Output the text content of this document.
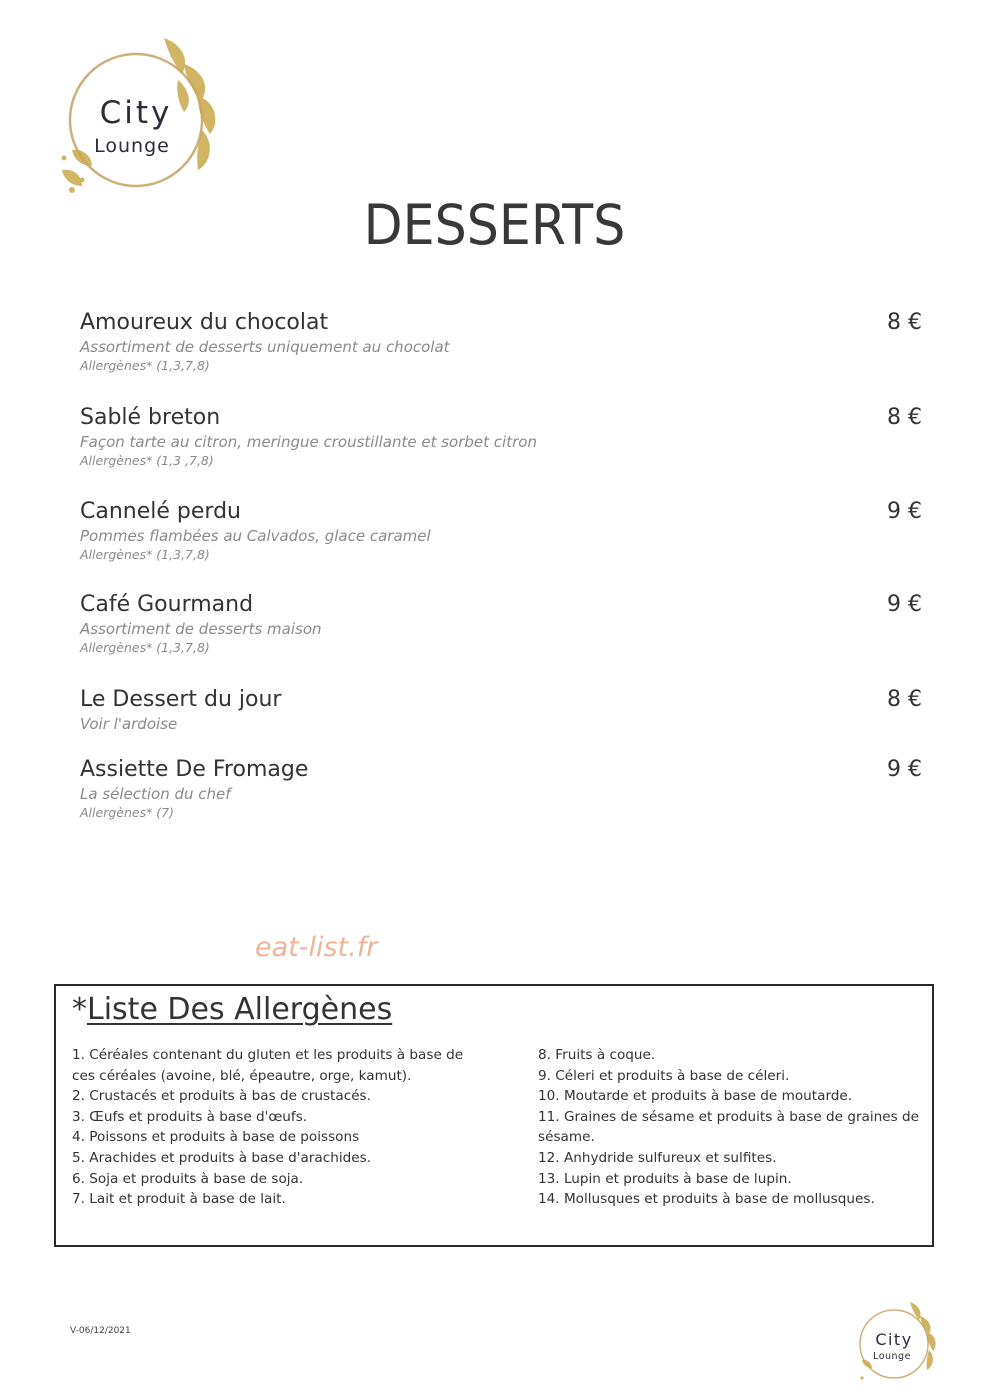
City
Lounge
DESSERTS
Amoureux du chocolat	8 €
Assortiment de desserts uniquement au chocolat
Allergènes* (1,3,7,8)
Sablé breton	8 €
Façon tarte au citron, meringue croustillante et sorbet citron
Allergènes* (1,3 ,7,8)
Cannelé perdu	9 €
Pommes flambées au Calvados, glace caramel
Allergènes* (1,3,7,8)
Café Gourmand	9 €
Assortiment de desserts maison
Allergènes* (1,3,7,8)
Le Dessert du jour	8 €
Voir l'ardoise
Assiette De Fromage	9 €
La sélection du chef
Allergènes* (7)
eat-list.fr
*Liste Des Allergènes
1. Céréales contenant du gluten et les produits à base de
ces céréales (avoine, blé, épeautre, orge, kamut).
2. Crustacés et produits à bas de crustacés.
3. Œufs et produits à base d'œufs.
4. Poissons et produits à base de poissons
5. Arachides et produits à base d'arachides.
6. Soja et produits à base de soja.
7. Lait et produit à base de lait.
8. Fruits à coque.
9. Céleri et produits à base de céleri.
10. Moutarde et produits à base de moutarde.
11. Graines de sésame et produits à base de graines de
sésame.
12. Anhydride sulfureux et sulfites.
13. Lupin et produits à base de lupin.
14. Mollusques et produits à base de mollusques.
V-06/12/2021	City
Lounge
